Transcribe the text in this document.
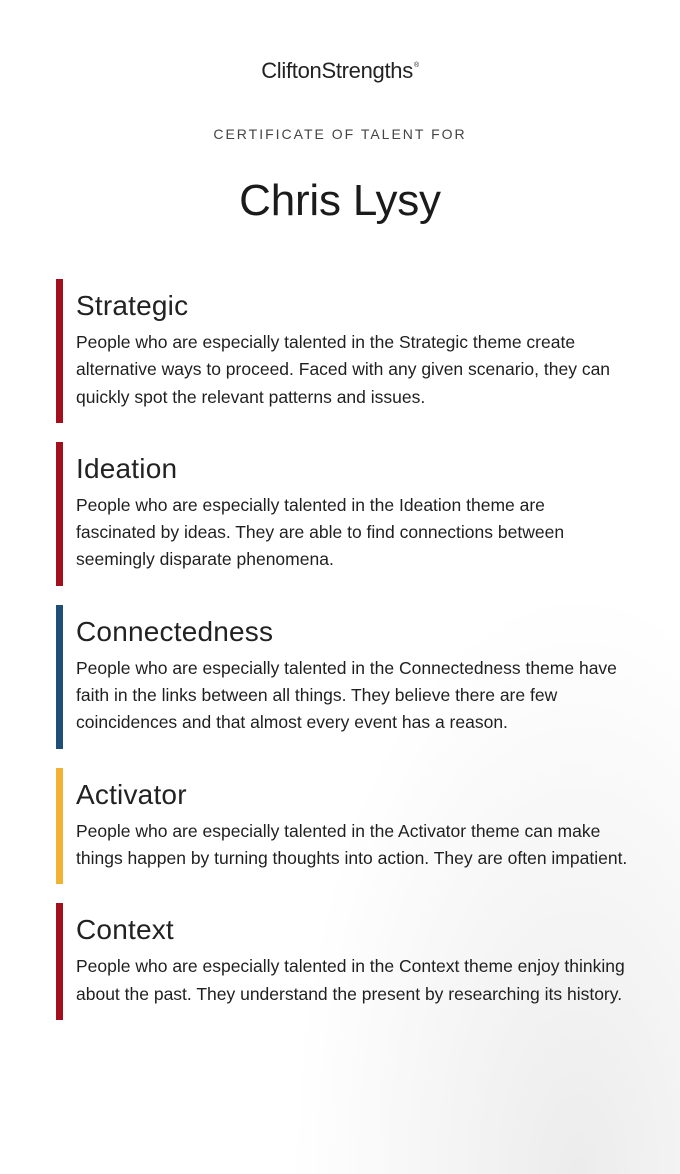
CliftonStrengths®
CERTIFICATE OF TALENT FOR
Chris Lysy
Strategic
People who are especially talented in the Strategic theme create alternative ways to proceed. Faced with any given scenario, they can quickly spot the relevant patterns and issues.
Ideation
People who are especially talented in the Ideation theme are fascinated by ideas. They are able to find connections between seemingly disparate phenomena.
Connectedness
People who are especially talented in the Connectedness theme have faith in the links between all things. They believe there are few coincidences and that almost every event has a reason.
Activator
People who are especially talented in the Activator theme can make things happen by turning thoughts into action. They are often impatient.
Context
People who are especially talented in the Context theme enjoy thinking about the past. They understand the present by researching its history.
